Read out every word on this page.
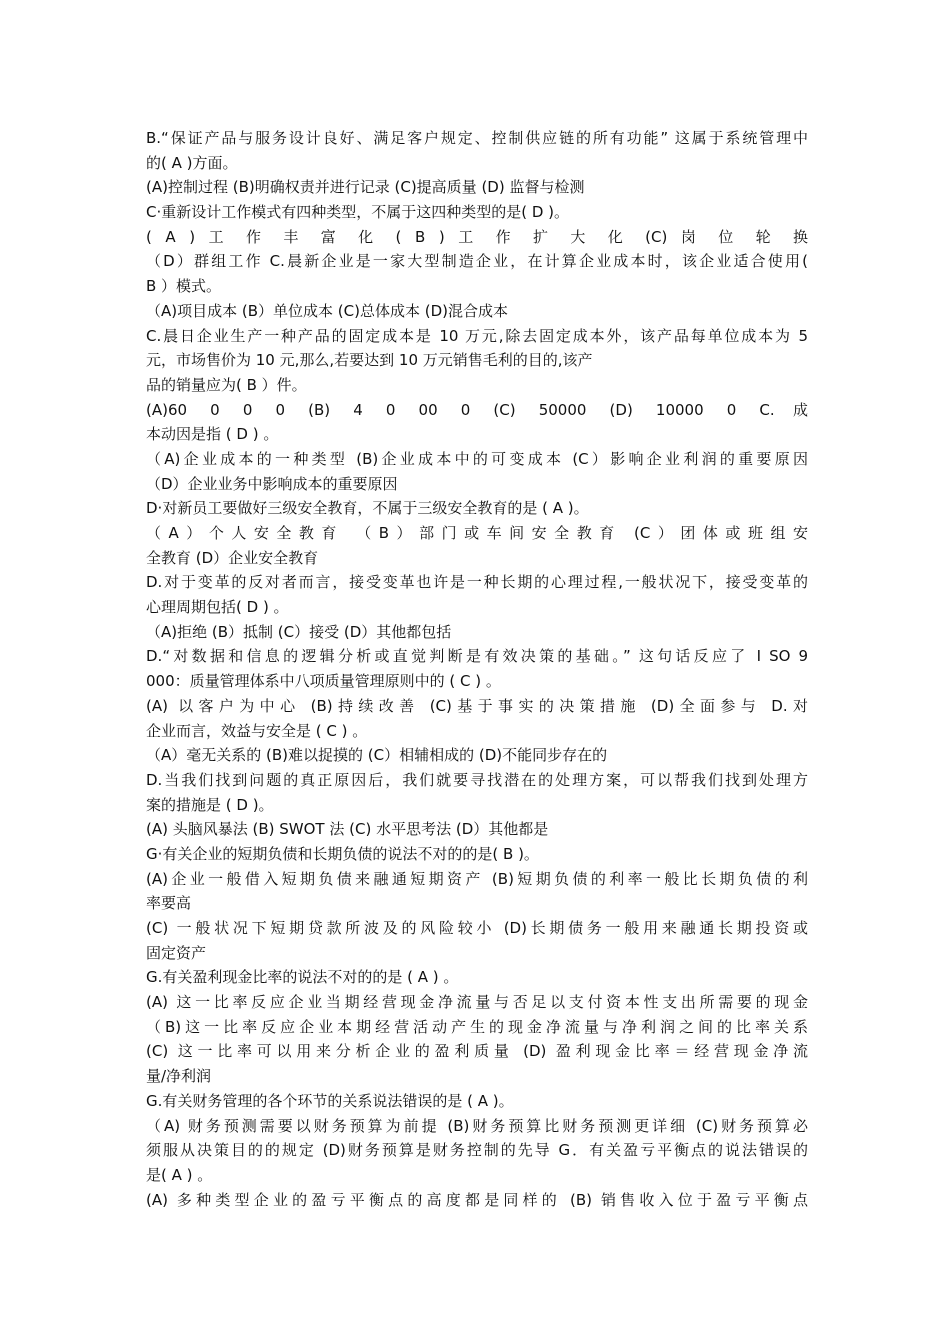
B.“保证产品与服务设计良好、满足客户规定、控制供应链的所有功能” 这属于系统管理中
的( A )方面。
(A)控制过程 (B)明确权责并进行记录 (C)提高质量 (D) 监督与检测
C·重新设计工作模式有四种类型，不属于这四种类型的是( D )。
( A ) 工 作 丰 富 化 ( B ) 工 作 扩 大 化 (C) 岗 位 轮 换
（D）群组工作 C.晨新企业是一家大型制造企业，在计算企业成本时，该企业适合使用(
B ）模式。
（A)项目成本 (B）单位成本 (C)总体成本 (D)混合成本
C.晨日企业生产一种产品的固定成本是 10 万元,除去固定成本外，该产品每单位成本为 5
元，市场售价为 10 元,那么,若要达到 10 万元销售毛利的目的,该产
品的销量应为( B ）件。
(A)60 0 0 0 (B) 4 0 00 0 (C) 50000 (D) 10000 0 C.成
本动因是指 ( D ) 。
（A)企业成本的一种类型 (B)企业成本中的可变成本 (C）影响企业利润的重要原因
（D）企业业务中影响成本的重要原因
D·对新员工要做好三级安全教育，不属于三级安全教育的是 ( A )。
（A）个人安全教育 （B）部门或车间安全教育 (C）团体或班组安
全教育 (D）企业安全教育
D.对于变革的反对者而言，接受变革也许是一种长期的心理过程,一般状况下，接受变革的
心理周期包括( D ) 。
（A)拒绝 (B）抵制 (C）接受 (D）其他都包括
D.“对数据和信息的逻辑分析或直觉判断是有效决策的基础。” 这句话反应了 I SO 9
000：质量管理体系中八项质量管理原则中的 ( C ) 。
(A) 以客户为中心 (B)持续改善 (C)基于事实的决策措施 (D)全面参与 D.对
企业而言，效益与安全是 ( C ) 。
（A）毫无关系的 (B)难以捉摸的 (C）相辅相成的 (D)不能同步存在的
D.当我们找到问题的真正原因后，我们就要寻找潜在的处理方案，可以帮我们找到处理方
案的措施是 ( D )。
(A) 头脑风暴法 (B) SWOT 法 (C) 水平思考法 (D）其他都是
G·有关企业的短期负债和长期负债的说法不对的的是( B )。
(A)企业一般借入短期负债来融通短期资产 (B)短期负债的利率一般比长期负债的利
率要高
(C) 一般状况下短期贷款所波及的风险较小 (D)长期债务一般用来融通长期投资或
固定资产
G.有关盈利现金比率的说法不对的的是 ( A ) 。
(A) 这一比率反应企业当期经营现金净流量与否足以支付资本性支出所需要的现金
（B)这一比率反应企业本期经营活动产生的现金净流量与净利润之间的比率关系
(C) 这一比率可以用来分析企业的盈利质量 (D) 盈利现金比率＝经营现金净流
量/净利润
G.有关财务管理的各个环节的关系说法错误的是 ( A )。
（A) 财务预测需要以财务预算为前提 (B)财务预算比财务预测更详细 (C)财务预算必
须服从决策目的的规定 (D)财务预算是财务控制的先导 G．有关盈亏平衡点的说法错误的
是( A ) 。
(A) 多种类型企业的盈亏平衡点的高度都是同样的 (B) 销售收入位于盈亏平衡点
